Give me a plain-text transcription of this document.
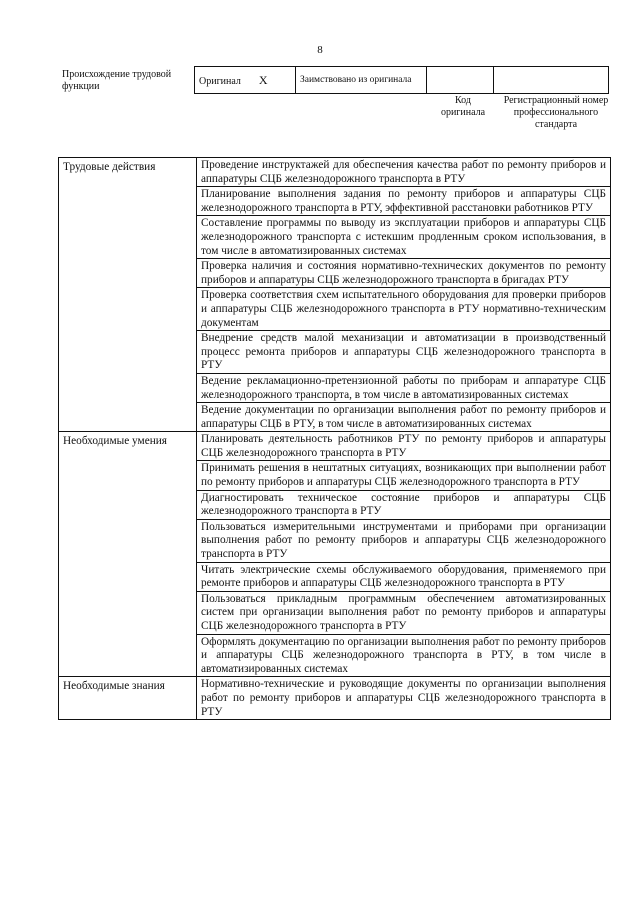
8
Происхождение трудовой функции	Оригинал X	Заимствовано из оригинала		
Код оригинала
Регистрационный номер профессионального стандарта
Трудовые действия	Проведение инструктажей для обеспечения качества работ по ремонту приборов и аппаратуры СЦБ железнодорожного транспорта в РТУ
	Планирование выполнения задания по ремонту приборов и аппаратуры СЦБ железнодорожного транспорта в РТУ, эффективной расстановки работников РТУ
	Составление программы по выводу из эксплуатации приборов и аппаратуры СЦБ железнодорожного транспорта с истекшим продленным сроком использования, в том числе в автоматизированных системах
	Проверка наличия и состояния нормативно-технических документов по ремонту приборов и аппаратуры СЦБ железнодорожного транспорта в бригадах РТУ
	Проверка соответствия схем испытательного оборудования для проверки приборов и аппаратуры СЦБ железнодорожного транспорта в РТУ нормативно-техническим документам
	Внедрение средств малой механизации и автоматизации в производственный процесс ремонта приборов и аппаратуры СЦБ железнодорожного транспорта в РТУ
	Ведение рекламационно-претензионной работы по приборам и аппаратуре СЦБ железнодорожного транспорта, в том числе в автоматизированных системах
	Ведение документации по организации выполнения работ по ремонту приборов и аппаратуры СЦБ в РТУ, в том числе в автоматизированных системах
Необходимые умения	Планировать деятельность работников РТУ по ремонту приборов и аппаратуры СЦБ железнодорожного транспорта в РТУ
	Принимать решения в нештатных ситуациях, возникающих при выполнении работ по ремонту приборов и аппаратуры СЦБ железнодорожного транспорта в РТУ
	Диагностировать техническое состояние приборов и аппаратуры СЦБ железнодорожного транспорта в РТУ
	Пользоваться измерительными инструментами и приборами при организации выполнения работ по ремонту приборов и аппаратуры СЦБ железнодорожного транспорта в РТУ
	Читать электрические схемы обслуживаемого оборудования, применяемого при ремонте приборов и аппаратуры СЦБ железнодорожного транспорта в РТУ
	Пользоваться прикладным программным обеспечением автоматизированных систем при организации выполнения работ по ремонту приборов и аппаратуры СЦБ железнодорожного транспорта в РТУ
	Оформлять документацию по организации выполнения работ по ремонту приборов и аппаратуры СЦБ железнодорожного транспорта в РТУ, в том числе в автоматизированных системах
Необходимые знания	Нормативно-технические и руководящие документы по организации выполнения работ по ремонту приборов и аппаратуры СЦБ железнодорожного транспорта в РТУ
